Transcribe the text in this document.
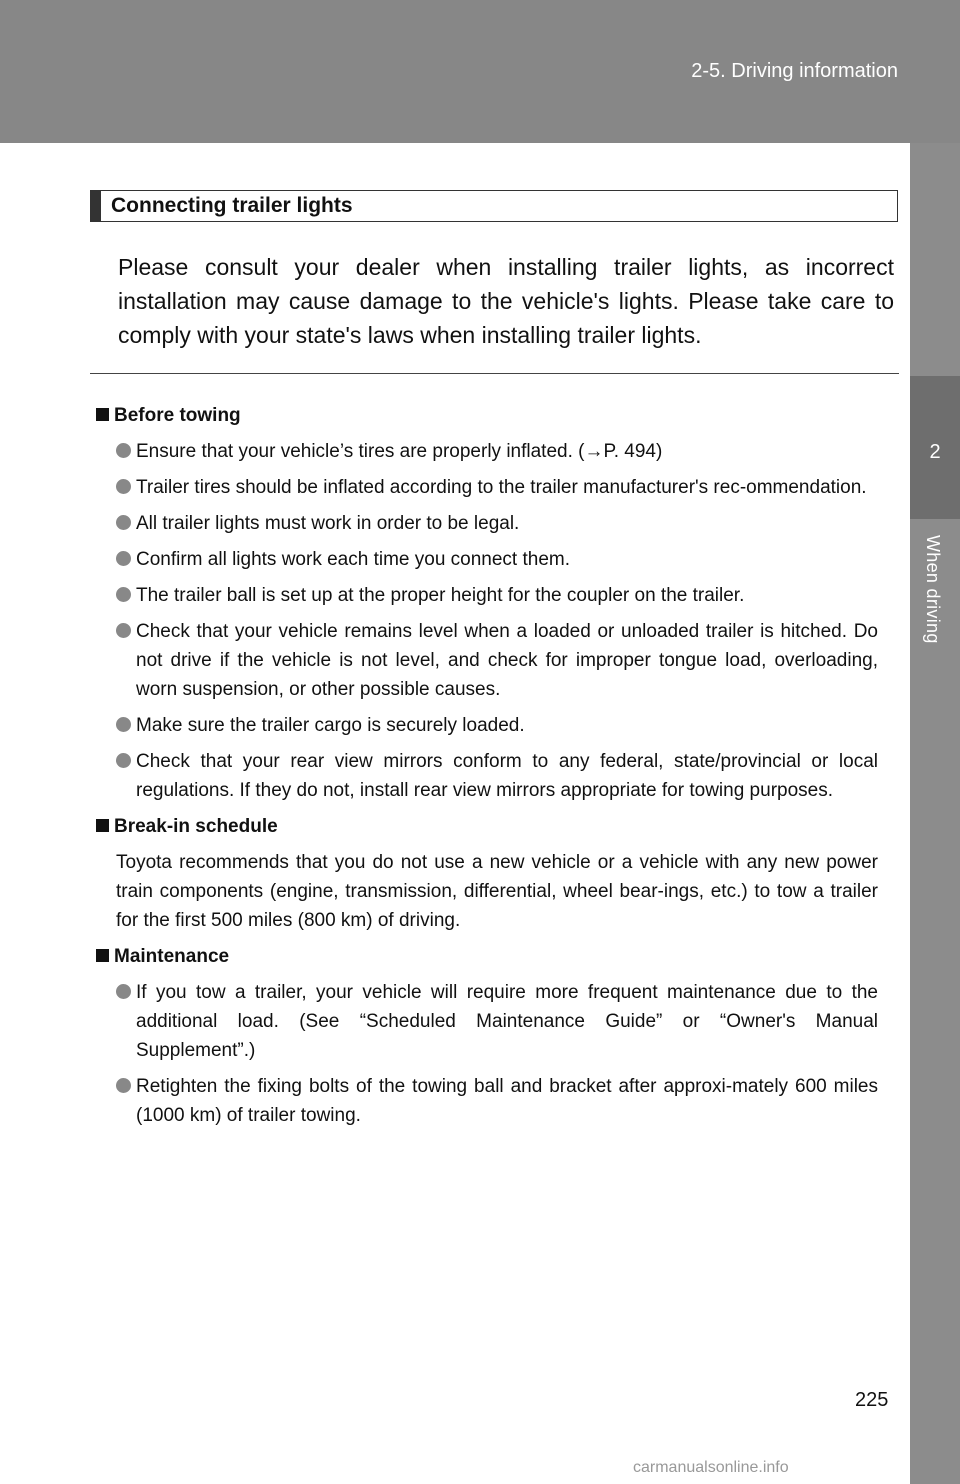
2-5. Driving information
2
When driving
Connecting trailer lights
Please consult your dealer when installing trailer lights, as incorrect installation may cause damage to the vehicle's lights. Please take care to comply with your state's laws when installing trailer lights.
Before towing
Ensure that your vehicle’s tires are properly inflated. (→P. 494)
Trailer tires should be inflated according to the trailer manufacturer's rec-ommendation.
All trailer lights must work in order to be legal.
Confirm all lights work each time you connect them.
The trailer ball is set up at the proper height for the coupler on the trailer.
Check that your vehicle remains level when a loaded or unloaded trailer is hitched. Do not drive if the vehicle is not level, and check for improper tongue load, overloading, worn suspension, or other possible causes.
Make sure the trailer cargo is securely loaded.
Check that your rear view mirrors conform to any federal, state/provincial or local regulations. If they do not, install rear view mirrors appropriate for towing purposes.
Break-in schedule
Toyota recommends that you do not use a new vehicle or a vehicle with any new power train components (engine, transmission, differential, wheel bear-ings, etc.) to tow a trailer for the first 500 miles (800 km) of driving.
Maintenance
If you tow a trailer, your vehicle will require more frequent maintenance due to the additional load. (See “Scheduled Maintenance Guide” or “Owner's Manual Supplement”.)
Retighten the fixing bolts of the towing ball and bracket after approxi-mately 600 miles (1000 km) of trailer towing.
225
carmanualsonline.info
